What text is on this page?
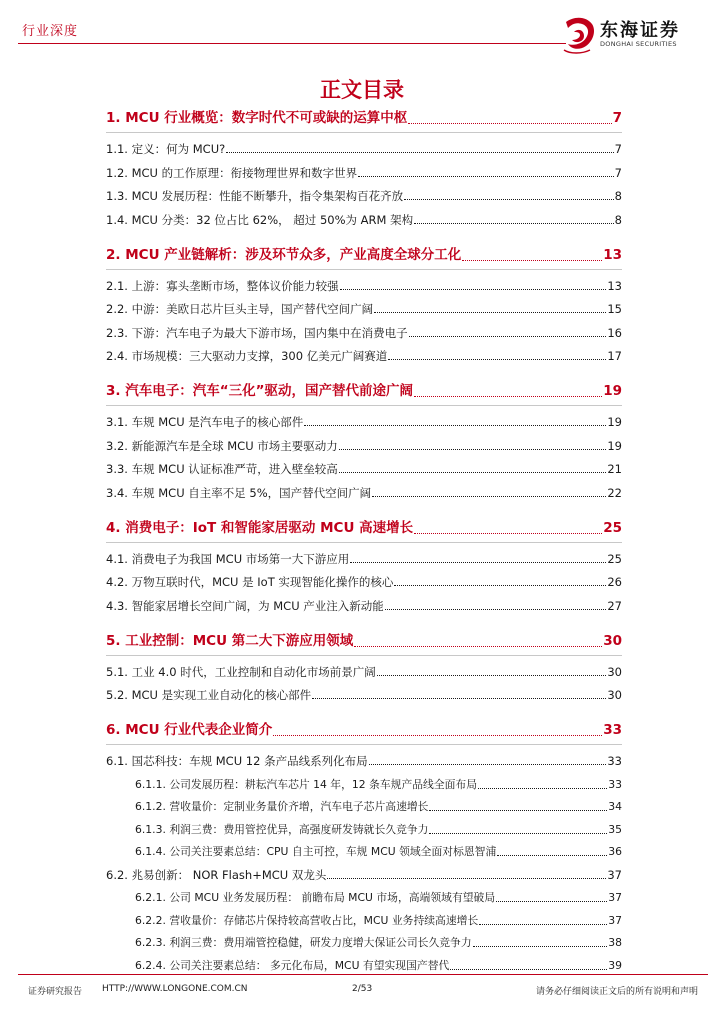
行业深度	东海证券
DONGHAI SECURITIES
正文目录
1. MCU 行业概览：数字时代不可或缺的运算中枢	7
1.1. 定义：何为 MCU?	7
1.2. MCU 的工作原理：衔接物理世界和数字世界	7
1.3. MCU 发展历程：性能不断攀升，指令集架构百花齐放	8
1.4. MCU 分类：32 位占比 62%， 超过 50%为 ARM 架构	8
2. MCU 产业链解析：涉及环节众多，产业高度全球分工化	13
2.1. 上游：寡头垄断市场，整体议价能力较强	13
2.2. 中游：美欧日芯片巨头主导，国产替代空间广阔	15
2.3. 下游：汽车电子为最大下游市场，国内集中在消费电子	16
2.4. 市场规模：三大驱动力支撑，300 亿美元广阔赛道	17
3. 汽车电子：汽车“三化”驱动，国产替代前途广阔	19
3.1. 车规 MCU 是汽车电子的核心部件	19
3.2. 新能源汽车是全球 MCU 市场主要驱动力	19
3.3. 车规 MCU 认证标准严苛，进入壁垒较高	21
3.4. 车规 MCU 自主率不足 5%，国产替代空间广阔	22
4. 消费电子：IoT 和智能家居驱动 MCU 高速增长	25
4.1. 消费电子为我国 MCU 市场第一大下游应用	25
4.2. 万物互联时代，MCU 是 IoT 实现智能化操作的核心	26
4.3. 智能家居增长空间广阔，为 MCU 产业注入新动能	27
5. 工业控制：MCU 第二大下游应用领域	30
5.1. 工业 4.0 时代，工业控制和自动化市场前景广阔	30
5.2. MCU 是实现工业自动化的核心部件	30
6. MCU 行业代表企业简介	33
6.1. 国芯科技：车规 MCU 12 条产品线系列化布局	33
6.1.1. 公司发展历程：耕耘汽车芯片 14 年，12 条车规产品线全面布局	33
6.1.2. 营收量价：定制业务量价齐增，汽车电子芯片高速增长	34
6.1.3. 利润三费：费用管控优异，高强度研发铸就长久竞争力	35
6.1.4. 公司关注要素总结：CPU 自主可控，车规 MCU 领域全面对标恩智浦	36
6.2. 兆易创新： NOR Flash+MCU 双龙头	37
6.2.1. 公司 MCU 业务发展历程： 前瞻布局 MCU 市场，高端领域有望破局	37
6.2.2. 营收量价：存储芯片保持较高营收占比，MCU 业务持续高速增长	37
6.2.3. 利润三费：费用端管控稳健，研发力度增大保证公司长久竞争力	38
6.2.4. 公司关注要素总结： 多元化布局，MCU 有望实现国产替代	39
证券研究报告 HTTP://WWW.LONGONE.COM.CN	2/53	请务必仔细阅读正文后的所有说明和声明
